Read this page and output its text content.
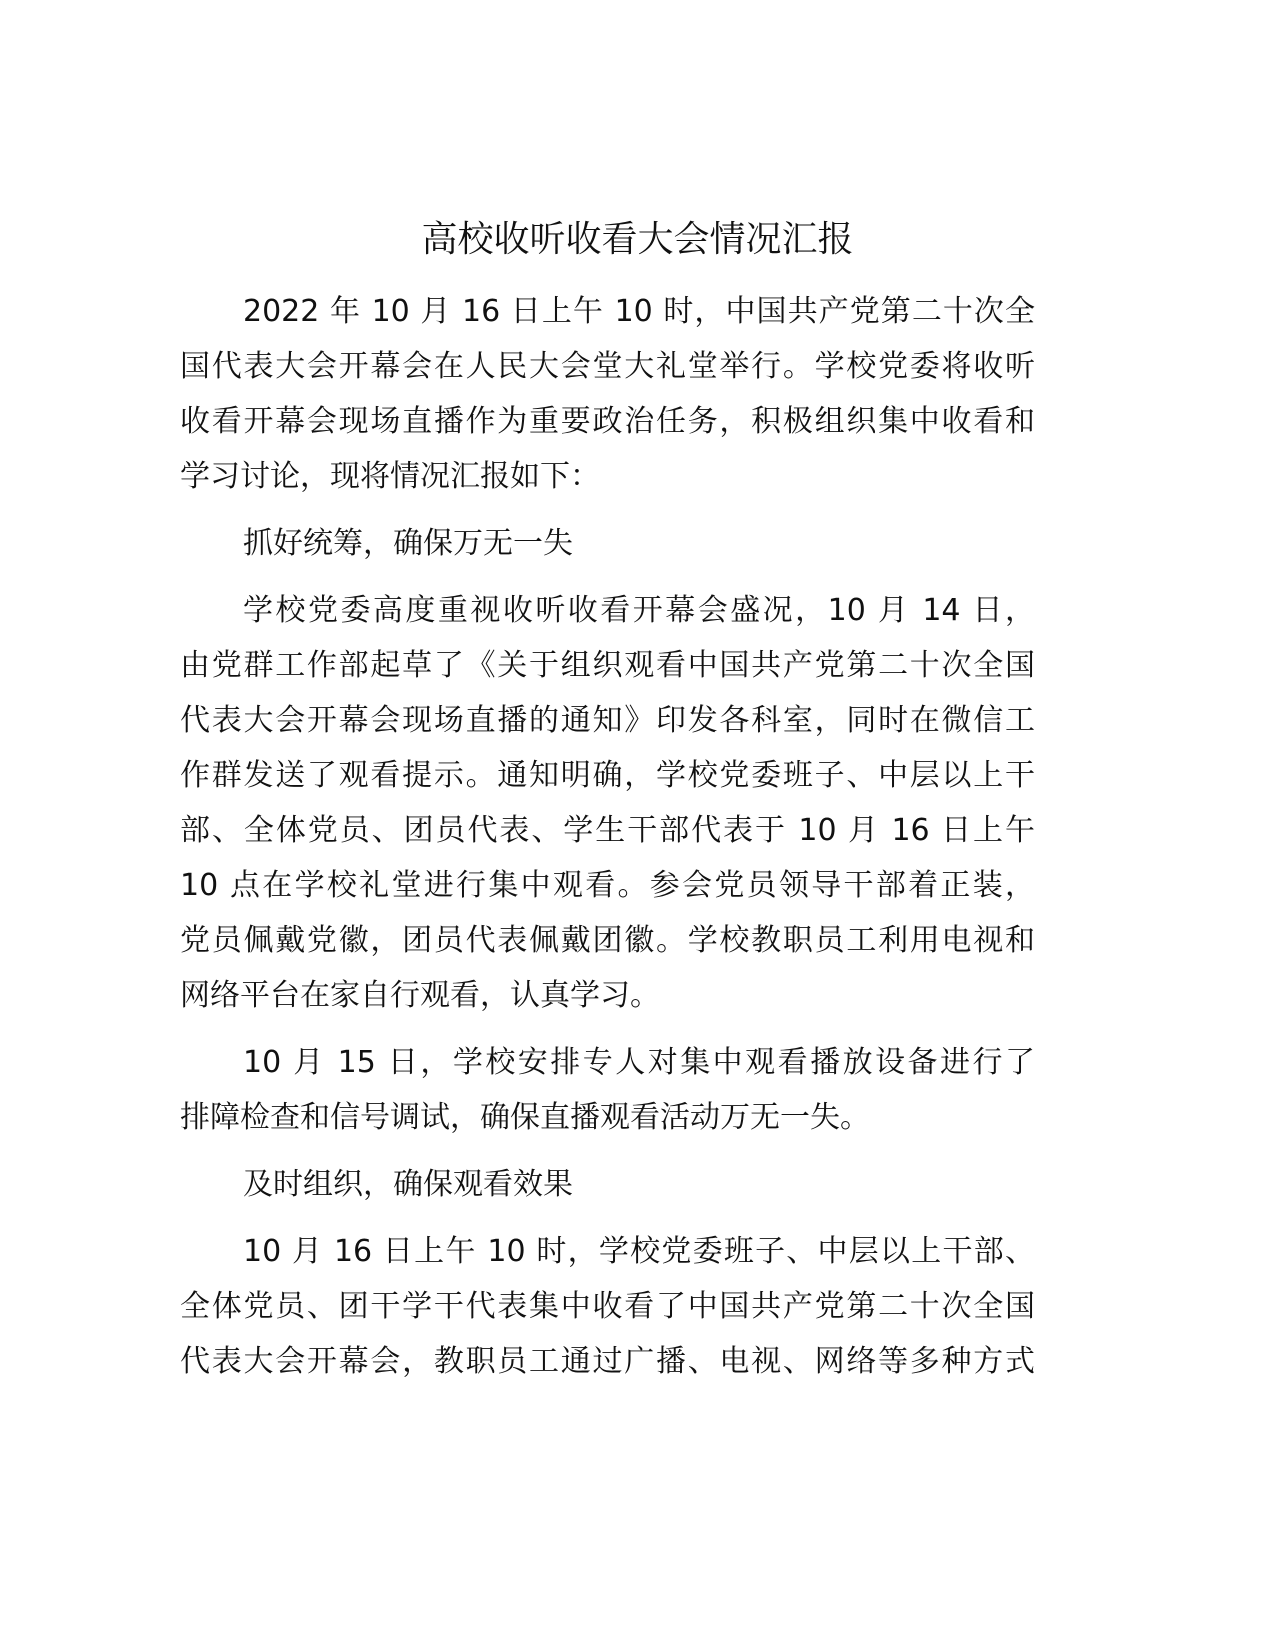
高校收听收看大会情况汇报
2022 年 10 月 16 日上午 10 时，中国共产党第二十次全
国代表大会开幕会在人民大会堂大礼堂举行。学校党委将收听
收看开幕会现场直播作为重要政治任务，积极组织集中收看和
学习讨论，现将情况汇报如下：
抓好统筹，确保万无一失
学校党委高度重视收听收看开幕会盛况，10 月 14 日，
由党群工作部起草了《关于组织观看中国共产党第二十次全国
代表大会开幕会现场直播的通知》印发各科室，同时在微信工
作群发送了观看提示。通知明确，学校党委班子、中层以上干
部、全体党员、团员代表、学生干部代表于 10 月 16 日上午
10 点在学校礼堂进行集中观看。参会党员领导干部着正装，
党员佩戴党徽，团员代表佩戴团徽。学校教职员工利用电视和
网络平台在家自行观看，认真学习。
10 月 15 日，学校安排专人对集中观看播放设备进行了
排障检查和信号调试，确保直播观看活动万无一失。
及时组织，确保观看效果
10 月 16 日上午 10 时，学校党委班子、中层以上干部、
全体党员、团干学干代表集中收看了中国共产党第二十次全国
代表大会开幕会，教职员工通过广播、电视、网络等多种方式
